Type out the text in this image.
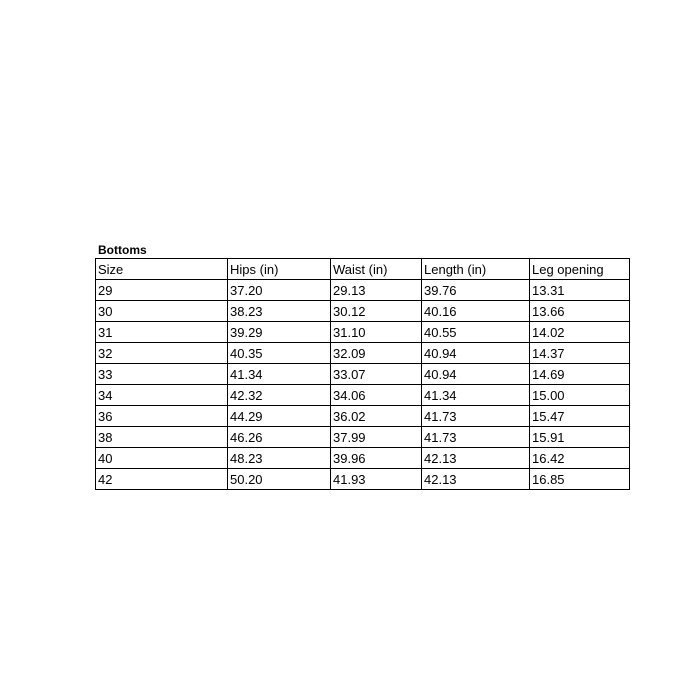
Bottoms
Size	Hips (in)	Waist (in)	Length (in)	Leg opening
29	37.20	29.13	39.76	13.31
30	38.23	30.12	40.16	13.66
31	39.29	31.10	40.55	14.02
32	40.35	32.09	40.94	14.37
33	41.34	33.07	40.94	14.69
34	42.32	34.06	41.34	15.00
36	44.29	36.02	41.73	15.47
38	46.26	37.99	41.73	15.91
40	48.23	39.96	42.13	16.42
42	50.20	41.93	42.13	16.85
